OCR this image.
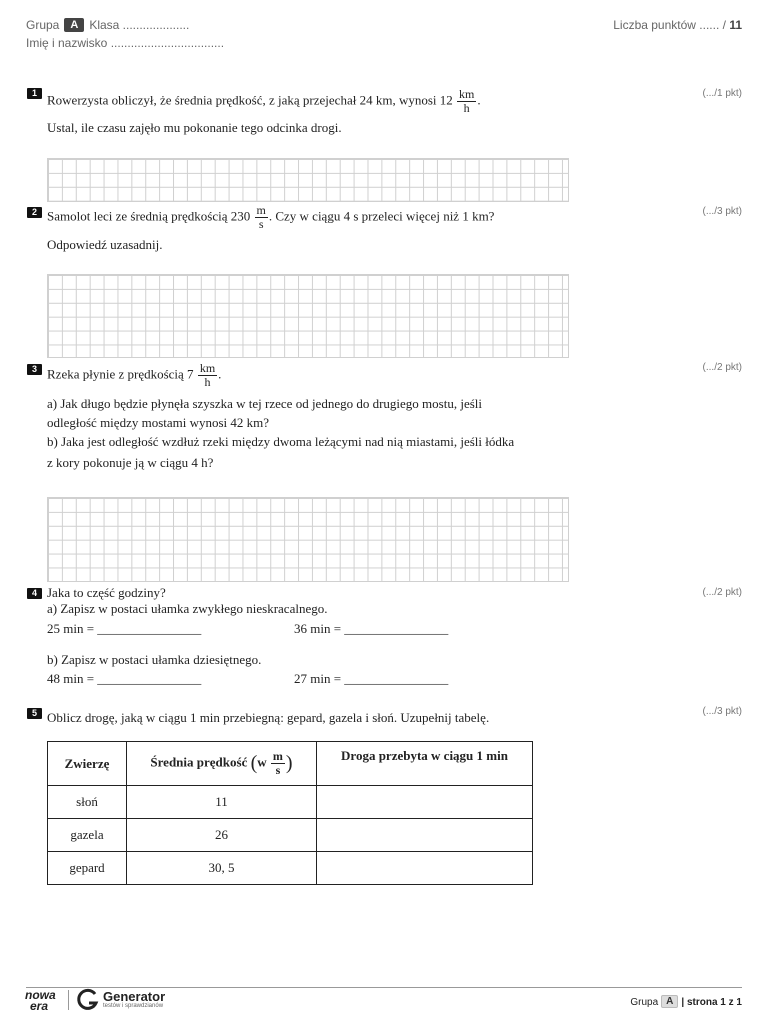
Grupa A Klasa ....................
Imię i nazwisko ..................................
Liczba punktów ...... / 11
1	(.../1 pkt)
Rowerzysta obliczył, że średnia prędkość, z jaką przejechał 24 km, wynosi $12 \frac{km}{h}$ .
Ustal, ile czasu zajęło mu pokonanie tego odcinka drogi.
2	(.../3 pkt)
Samolot leci ze średnią prędkością $230 \frac{m}{s}$ . Czy w ciągu 4 s przeleci więcej niż 1 km?
Odpowiedź uzasadnij.
3	(.../2 pkt)
Rzeka płynie z prędkością $7 \frac{km}{h}$ .
a) Jak długo będzie płynęła szyszka w tej rzece od jednego do drugiego mostu, jeśli
odległość między mostami wynosi 42 km?
b) Jaka jest odległość wzdłuż rzeki między dwoma leżącymi nad nią miastami, jeśli łódka
z kory pokonuje ją w ciągu 4 h?
4	(.../2 pkt)
Jaka to część godziny?
a) Zapisz w postaci ułamka zwykłego nieskracalnego.
25 min = ________________	36 min = ________________
b) Zapisz w postaci ułamka dziesiętnego.
48 min = ________________	27 min = ________________
5	(.../3 pkt)
Oblicz drogę, jaką w ciągu 1 min przebiegną: gepard, gazela i słoń. Uzupełnij tabelę.
Zwierzę	Średnia prędkość ($w \frac{m}{s}$ )	Droga przebyta w ciągu 1 min
słoń	11	
gazela	26	
gepard	30, 5	
nowa
era
Generator
testów i sprawdzianów	Grupa A | strona 1 z 1
